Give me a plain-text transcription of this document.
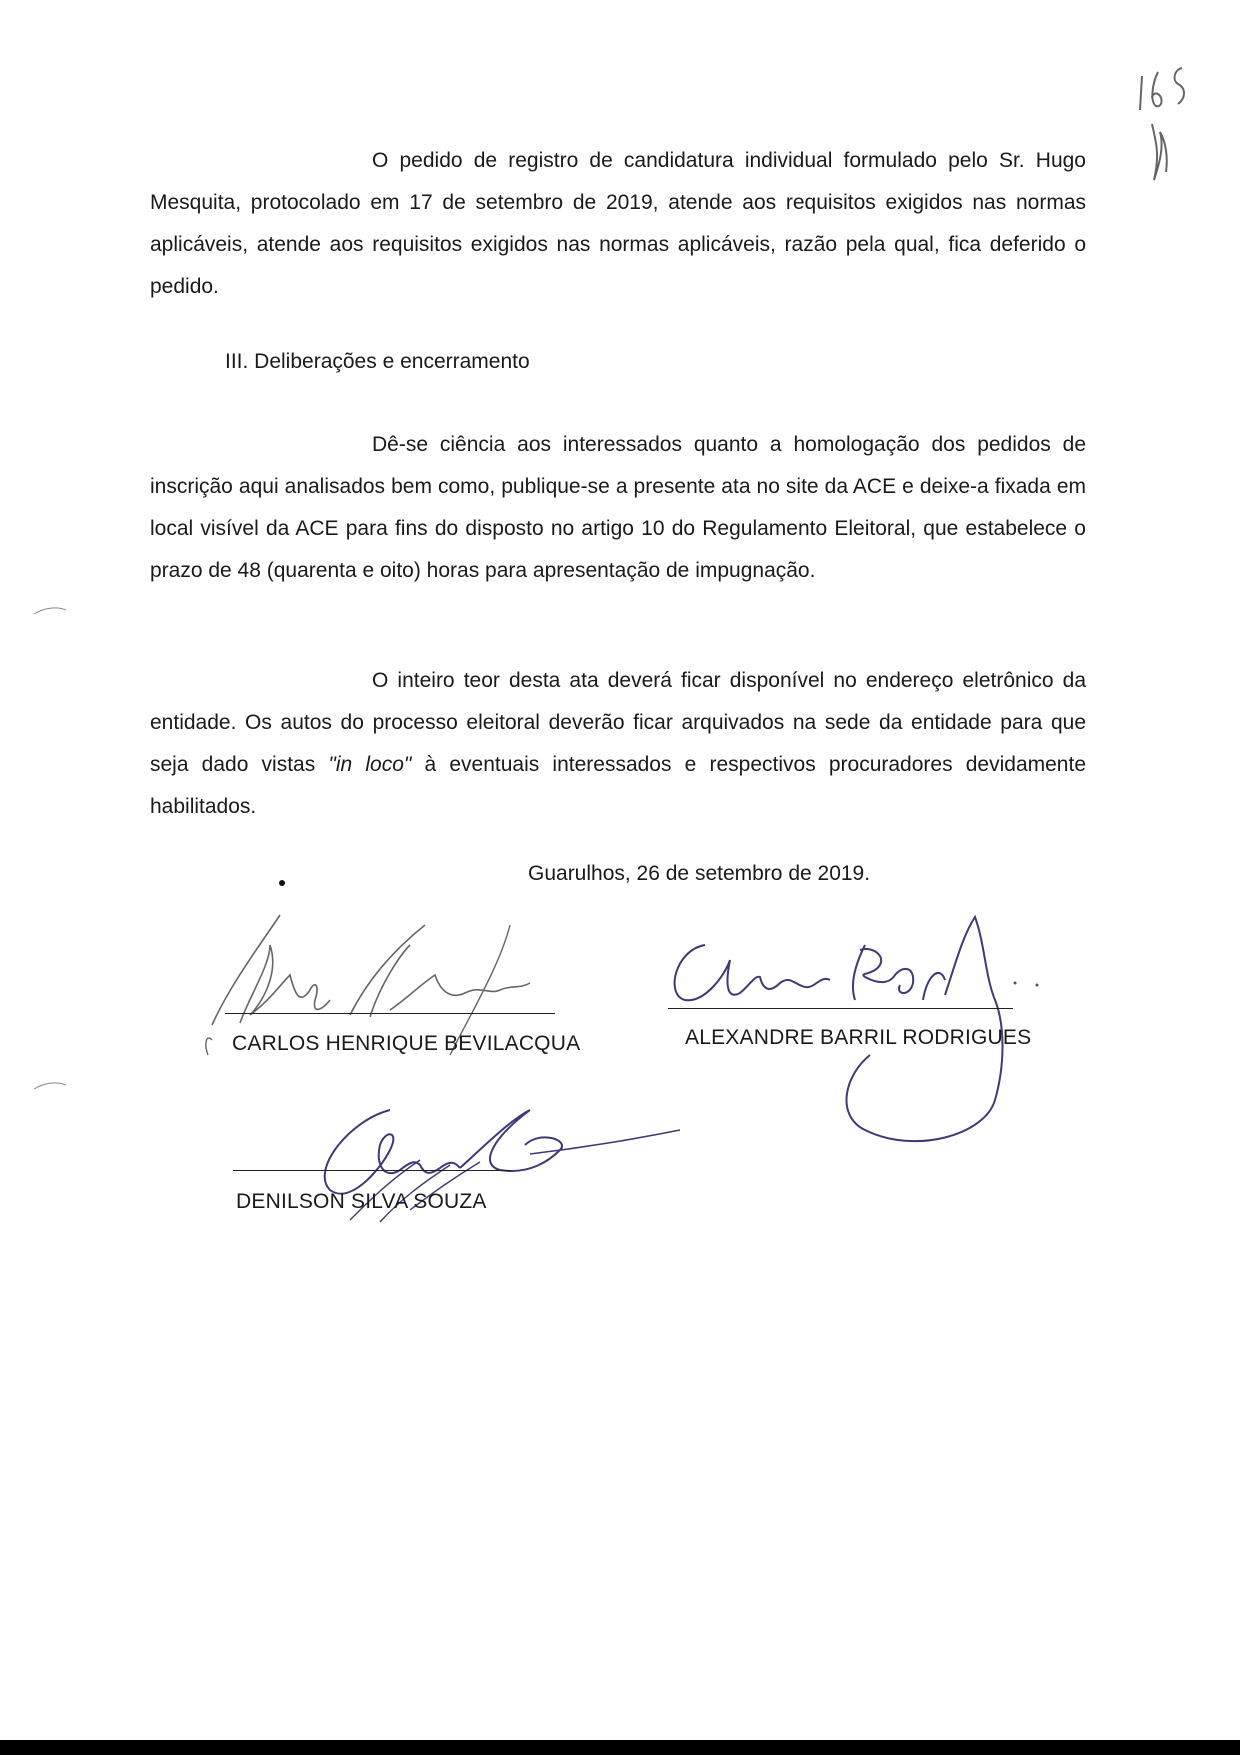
O pedido de registro de candidatura individual formulado pelo Sr. Hugo Mesquita, protocolado em 17 de setembro de 2019, atende aos requisitos exigidos nas normas aplicáveis, atende aos requisitos exigidos nas normas aplicáveis, razão pela qual, fica deferido o pedido.

III. Deliberações e encerramento

Dê-se ciência aos interessados quanto a homologação dos pedidos de inscrição aqui analisados bem como, publique-se a presente ata no site da ACE e deixe-a fixada em local visível da ACE para fins do disposto no artigo 10 do Regulamento Eleitoral, que estabelece o prazo de 48 (quarenta e oito) horas para apresentação de impugnação.

O inteiro teor desta ata deverá ficar disponível no endereço eletrônico da entidade. Os autos do processo eleitoral deverão ficar arquivados na sede da entidade para que seja dado vistas "in loco" à eventuais interessados e respectivos procuradores devidamente habilitados.

Guarulhos, 26 de setembro de 2019.
CARLOS HENRIQUE BEVILACQUA	ALEXANDRE BARRIL RODRIGUES
DENILSON SILVA SOUZA
